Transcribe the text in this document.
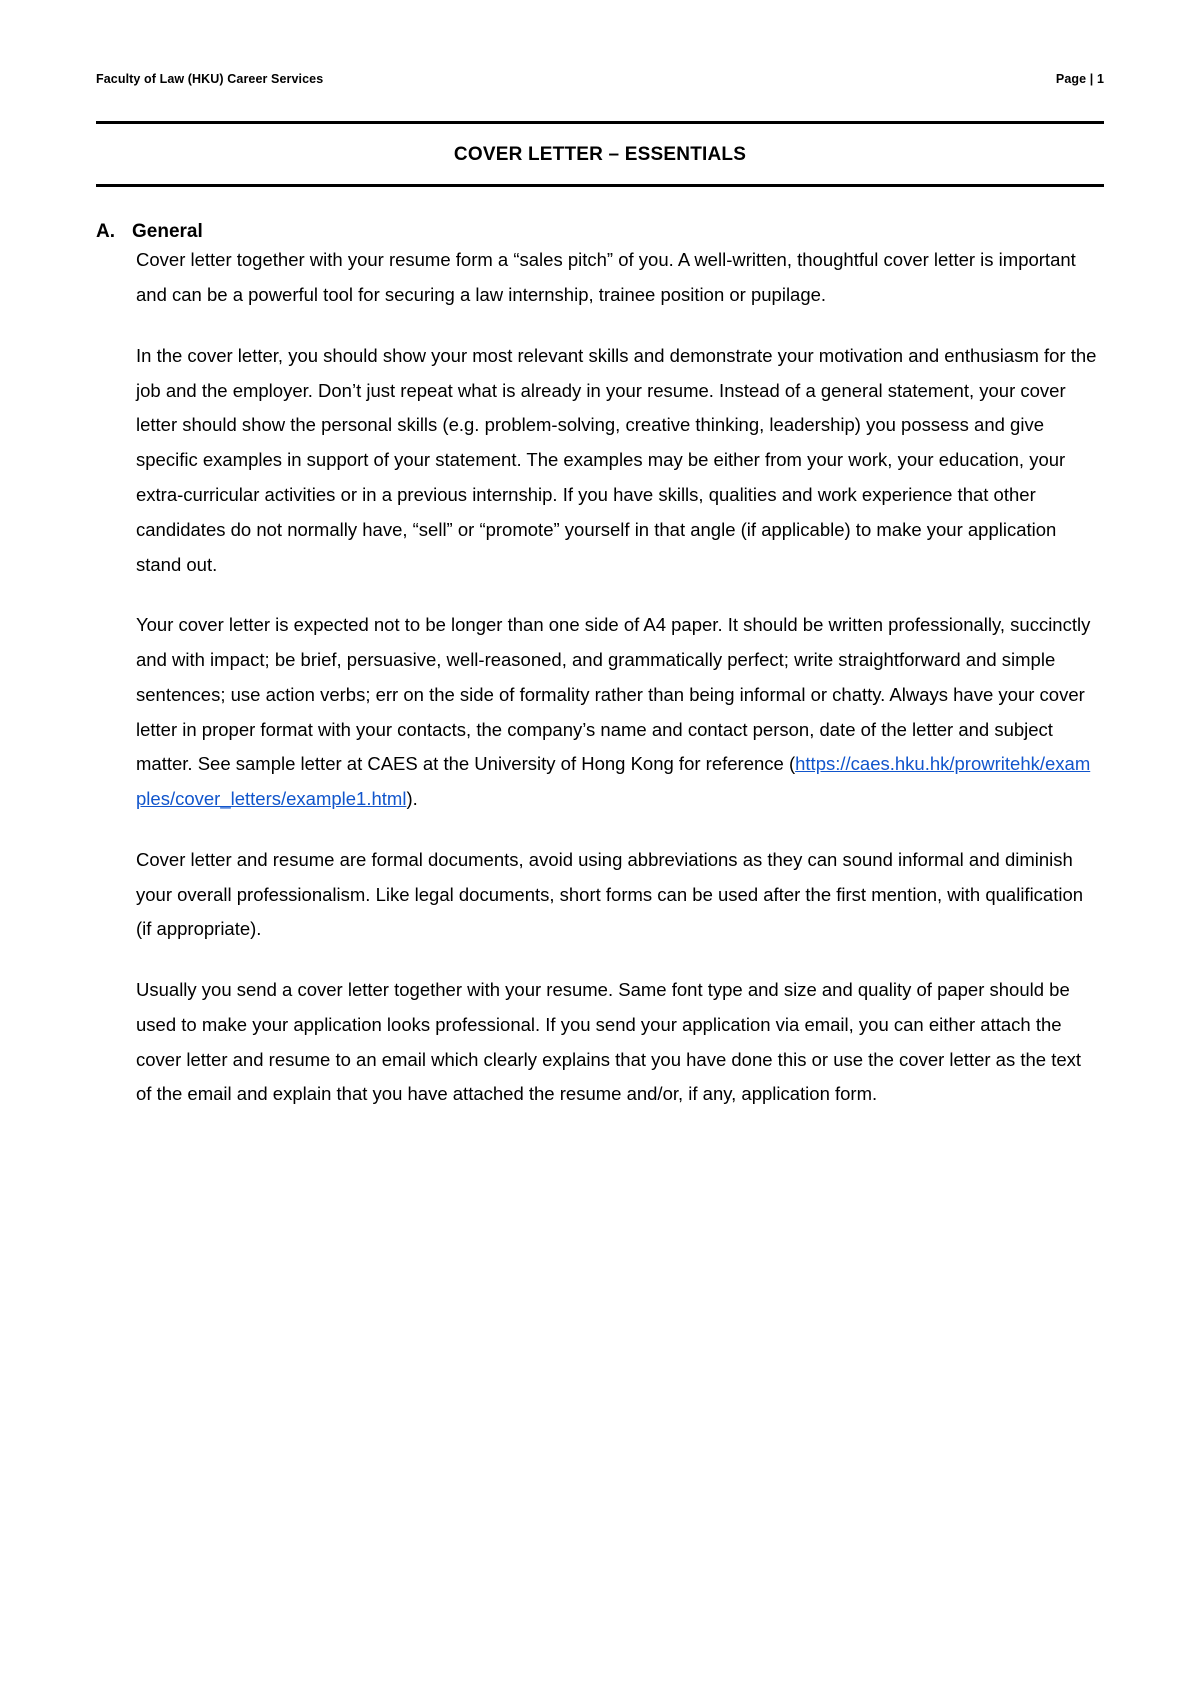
Faculty of Law (HKU) Career Services	Page | 1
COVER LETTER – ESSENTIALS
A. General

Cover letter together with your resume form a “sales pitch” of you. A well-written, thoughtful cover letter is important and can be a powerful tool for securing a law internship, trainee position or pupilage.

In the cover letter, you should show your most relevant skills and demonstrate your motivation and enthusiasm for the job and the employer. Don’t just repeat what is already in your resume. Instead of a general statement, your cover letter should show the personal skills (e.g. problem-solving, creative thinking, leadership) you possess and give specific examples in support of your statement. The examples may be either from your work, your education, your extra-curricular activities or in a previous internship. If you have skills, qualities and work experience that other candidates do not normally have, “sell” or “promote” yourself in that angle (if applicable) to make your application stand out.

Your cover letter is expected not to be longer than one side of A4 paper. It should be written professionally, succinctly and with impact; be brief, persuasive, well-reasoned, and grammatically perfect; write straightforward and simple sentences; use action verbs; err on the side of formality rather than being informal or chatty. Always have your cover letter in proper format with your contacts, the company’s name and contact person, date of the letter and subject matter. See sample letter at CAES at the University of Hong Kong for reference (https://caes.hku.hk/prowritehk/examples/cover_letters/example1.html).

Cover letter and resume are formal documents, avoid using abbreviations as they can sound informal and diminish your overall professionalism. Like legal documents, short forms can be used after the first mention, with qualification (if appropriate).

Usually you send a cover letter together with your resume. Same font type and size and quality of paper should be used to make your application looks professional. If you send your application via email, you can either attach the cover letter and resume to an email which clearly explains that you have done this or use the cover letter as the text of the email and explain that you have attached the resume and/or, if any, application form.
